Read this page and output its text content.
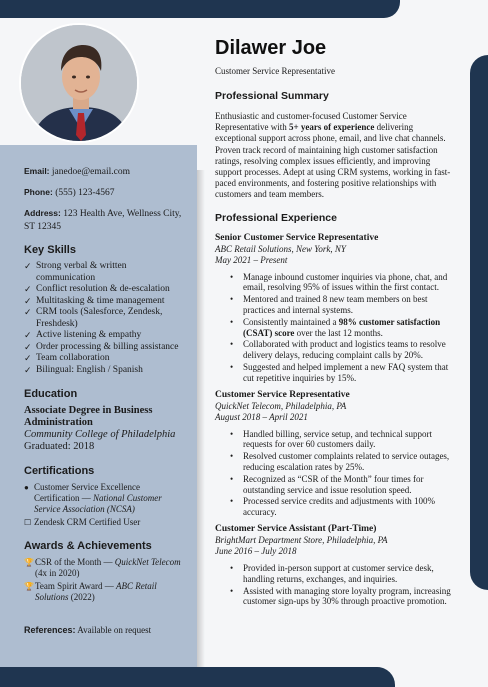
Email: janedoe@email.com
Phone: (555) 123-4567
Address: 123 Health Ave, Wellness City, ST 12345
Key Skills
✓ Strong verbal & written communication
✓ Conflict resolution & de-escalation
✓ Multitasking & time management
✓ CRM tools (Salesforce, Zendesk, Freshdesk)
✓ Active listening & empathy
✓ Order processing & billing assistance
✓ Team collaboration
✓ Bilingual: English / Spanish
Education
Associate Degree in Business Administration
Community College of Philadelphia
Graduated: 2018
Certifications
● Customer Service Excellence Certification — National Customer Service Association (NCSA)
☐ Zendesk CRM Certified User
Awards & Achievements
🏆 CSR of the Month — QuickNet Telecom (4x in 2020)
🏆 Team Spirit Award — ABC Retail Solutions (2022)
References: Available on request
Dilawer Joe
Customer Service Representative
Professional Summary
Enthusiastic and customer-focused Customer Service Representative with 5+ years of experience delivering exceptional support across phone, email, and live chat channels. Proven track record of maintaining high customer satisfaction ratings, resolving complex issues efficiently, and improving support processes. Adept at using CRM systems, working in fast-paced environments, and fostering positive relationships with customers and team members.
Professional Experience
Senior Customer Service Representative
ABC Retail Solutions, New York, NY
May 2021 – Present
• Manage inbound customer inquiries via phone, chat, and email, resolving 95% of issues within the first contact.
• Mentored and trained 8 new team members on best practices and internal systems.
• Consistently maintained a 98% customer satisfaction (CSAT) score over the last 12 months.
• Collaborated with product and logistics teams to resolve delivery delays, reducing complaint calls by 20%.
• Suggested and helped implement a new FAQ system that cut repetitive inquiries by 15%.
Customer Service Representative
QuickNet Telecom, Philadelphia, PA
August 2018 – April 2021
• Handled billing, service setup, and technical support requests for over 60 customers daily.
• Resolved customer complaints related to service outages, reducing escalation rates by 25%.
• Recognized as “CSR of the Month” four times for outstanding service and issue resolution speed.
• Processed service credits and adjustments with 100% accuracy.
Customer Service Assistant (Part-Time)
BrightMart Department Store, Philadelphia, PA
June 2016 – July 2018
• Provided in-person support at customer service desk, handling returns, exchanges, and inquiries.
• Assisted with managing store loyalty program, increasing customer sign-ups by 30% through proactive promotion.
